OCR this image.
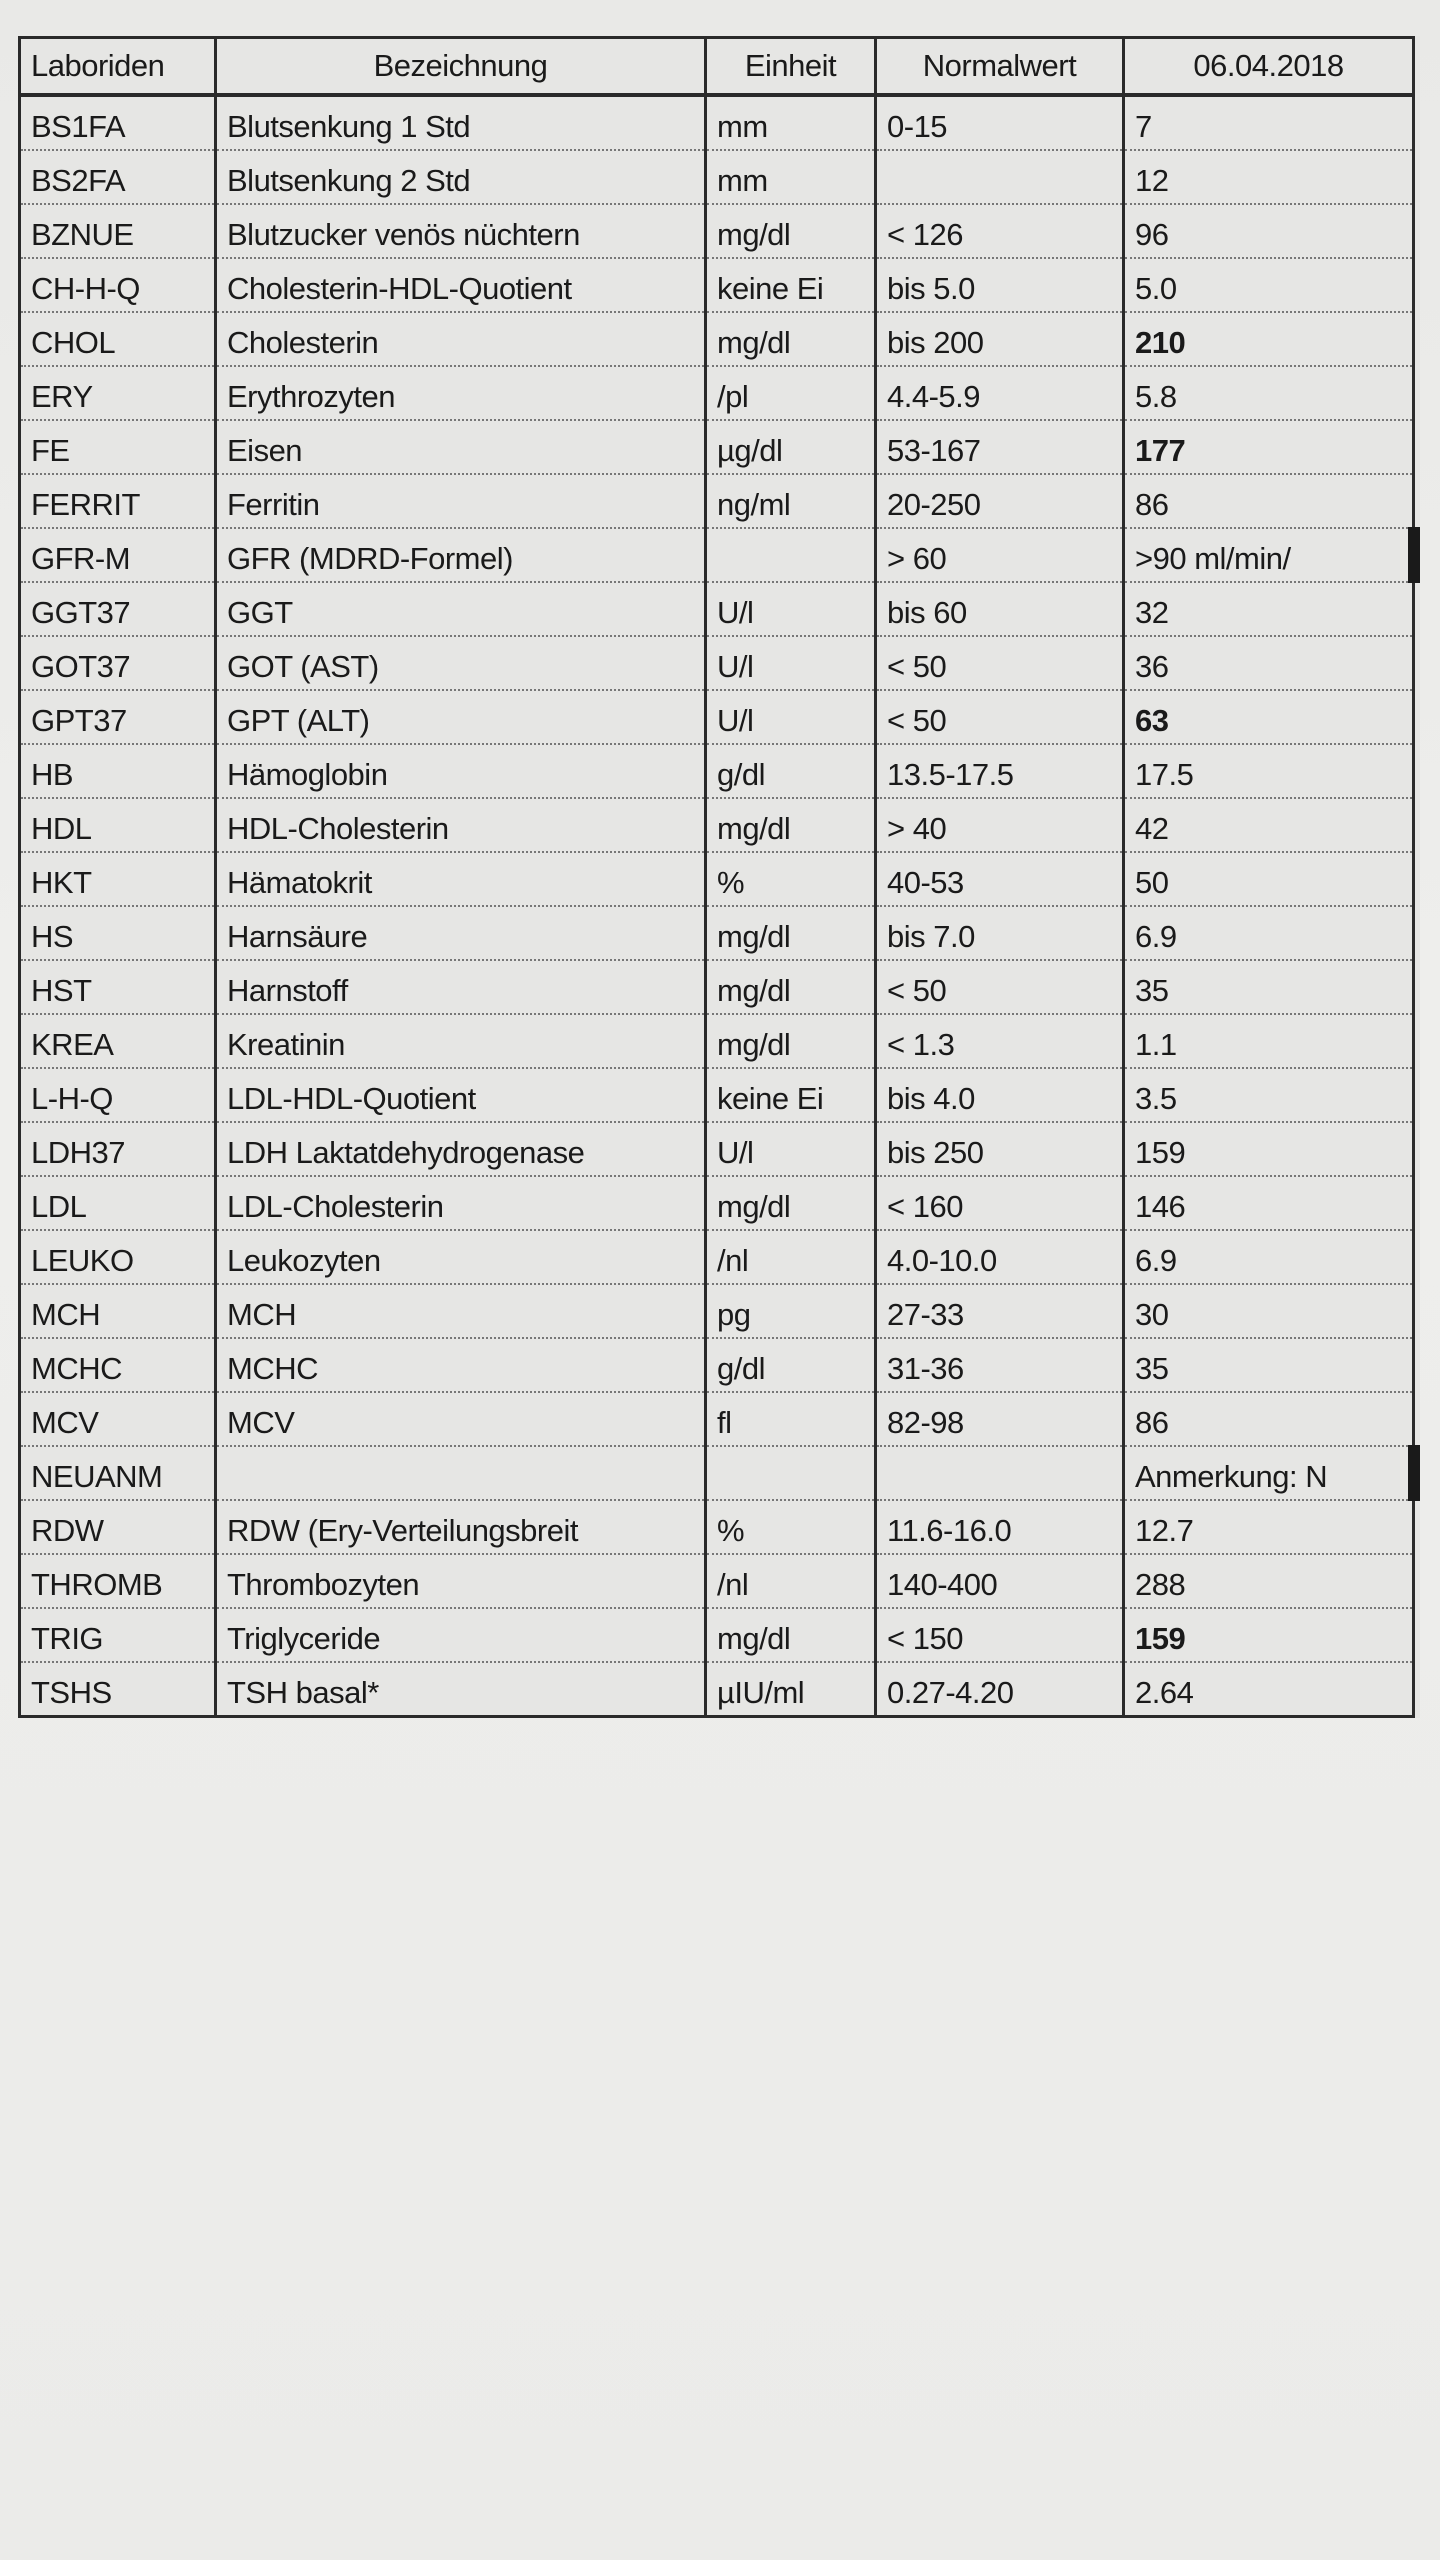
Laboriden	Bezeichnung	Einheit	Normalwert	06.04.2018
BS1FA	Blutsenkung 1 Std	mm	0-15	7
BS2FA	Blutsenkung 2 Std	mm		12
BZNUE	Blutzucker venös nüchtern	mg/dl	< 126	96
CH-H-Q	Cholesterin-HDL-Quotient	keine Ei	bis 5.0	5.0
CHOL	Cholesterin	mg/dl	bis 200	210
ERY	Erythrozyten	/pl	4.4-5.9	5.8
FE	Eisen	µg/dl	53-167	177
FERRIT	Ferritin	ng/ml	20-250	86
GFR-M	GFR (MDRD-Formel)		> 60	>90 ml/min/
GGT37	GGT	U/l	bis 60	32
GOT37	GOT (AST)	U/l	< 50	36
GPT37	GPT (ALT)	U/l	< 50	63
HB	Hämoglobin	g/dl	13.5-17.5	17.5
HDL	HDL-Cholesterin	mg/dl	> 40	42
HKT	Hämatokrit	%	40-53	50
HS	Harnsäure	mg/dl	bis 7.0	6.9
HST	Harnstoff	mg/dl	< 50	35
KREA	Kreatinin	mg/dl	< 1.3	1.1
L-H-Q	LDL-HDL-Quotient	keine Ei	bis 4.0	3.5
LDH37	LDH Laktatdehydrogenase	U/l	bis 250	159
LDL	LDL-Cholesterin	mg/dl	< 160	146
LEUKO	Leukozyten	/nl	4.0-10.0	6.9
MCH	MCH	pg	27-33	30
MCHC	MCHC	g/dl	31-36	35
MCV	MCV	fl	82-98	86
NEUANM				Anmerkung: N
RDW	RDW (Ery-Verteilungsbreit	%	11.6-16.0	12.7
THROMB	Thrombozyten	/nl	140-400	288
TRIG	Triglyceride	mg/dl	< 150	159
TSHS	TSH basal*	µIU/ml	0.27-4.20	2.64
